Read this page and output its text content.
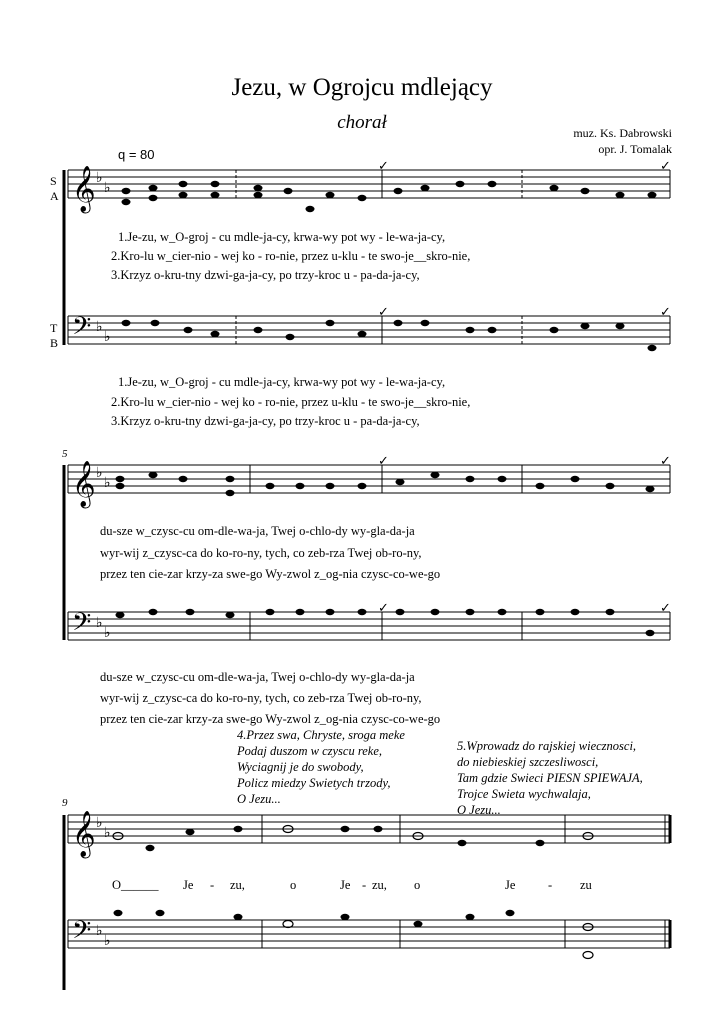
Jezu, w Ogrojcu mdlejący
chorał	muz. Ks. Dabrowski
opr. J. Tomalak
q = 80
S
A
T
B
5
9
𝄞
𝄢
♭
♭
♭
♭
𝄞
𝄢
♭
♭
♭
♭
𝄞
𝄢
♭
♭
♭
♭
✓	✓
✓	✓
✓	✓
✓	✓
1.Je-zu, w_O-groj - cu mdle-ja-cy, krwa-wy pot wy - le-wa-ja-cy,
2.Kro-lu w_cier-nio - wej ko - ro-nie, przez u-klu - te swo-je__skro-nie,
3.Krzyz o-kru-tny dzwi-ga-ja-cy, po trzy-kroc u - pa-da-ja-cy,
1.Je-zu, w_O-groj - cu mdle-ja-cy, krwa-wy pot wy - le-wa-ja-cy,
2.Kro-lu w_cier-nio - wej ko - ro-nie, przez u-klu - te swo-je__skro-nie,
3.Krzyz o-kru-tny dzwi-ga-ja-cy, po trzy-kroc u - pa-da-ja-cy,
du-sze w_czysc-cu om-dle-wa-ja, Twej o-chlo-dy wy-gla-da-ja
wyr-wij z_czysc-ca do ko-ro-ny, tych, co zeb-rza Twej ob-ro-ny,
przez ten cie-zar krzy-za swe-go Wy-zwol z_og-nia czysc-co-we-go
du-sze w_czysc-cu om-dle-wa-ja, Twej o-chlo-dy wy-gla-da-ja
wyr-wij z_czysc-ca do ko-ro-ny, tych, co zeb-rza Twej ob-ro-ny,
przez ten cie-zar krzy-za swe-go Wy-zwol z_og-nia czysc-co-we-go
4.Przez swa, Chryste, sroga meke
Podaj duszom w czyscu reke,
Wyciagnij je do swobody,
Policz miedzy Swietych trzody,
O Jezu...
5.Wprowadz do rajskiej wiecznosci,
do niebieskiej szczesliwosci,
Tam gdzie Swieci PIESN SPIEWAJA,
Trojce Swieta wychwalaja,
O Jezu...
O______ Je - zu,	o	Je - zu, o	Je	- zu
